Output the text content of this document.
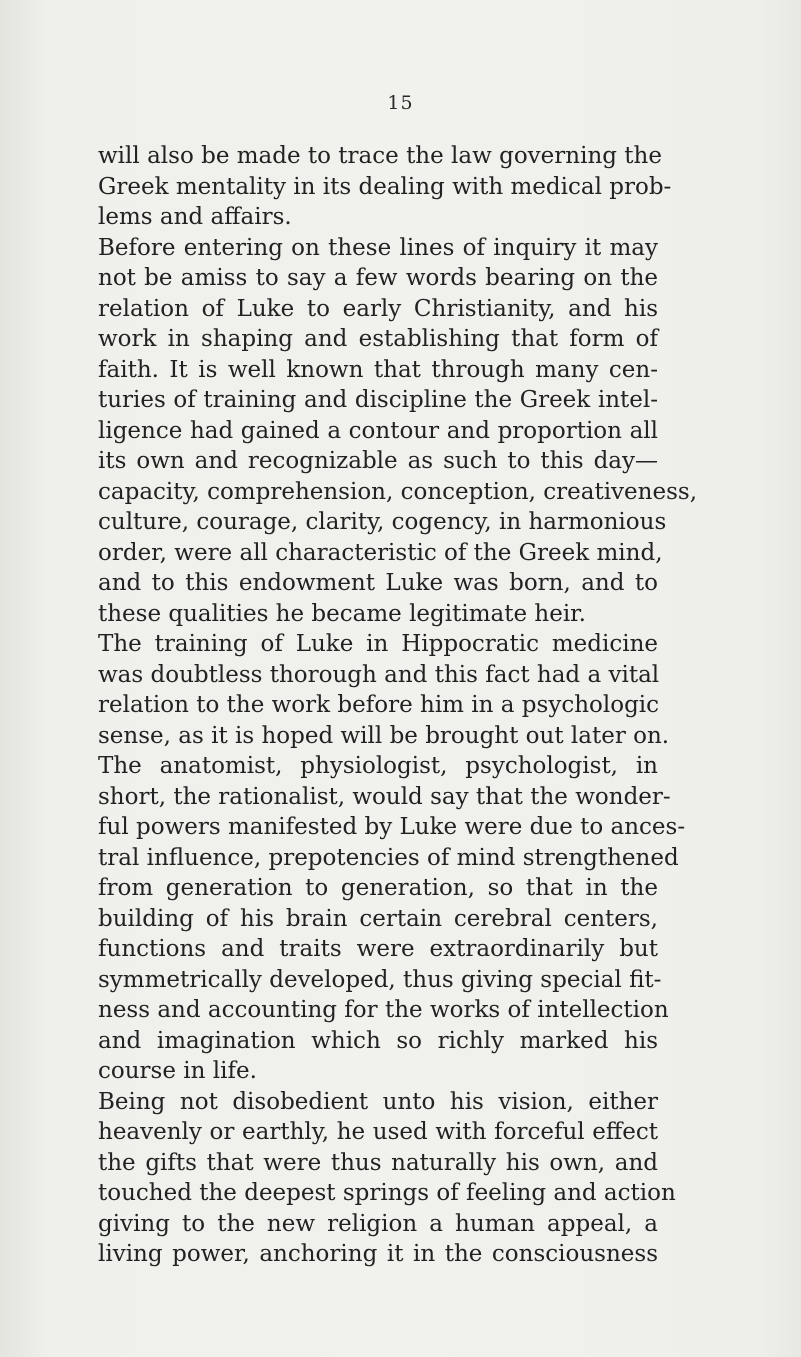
15
will also be made to trace the law governing the
Greek mentality in its dealing with medical prob-
lems and affairs.
Before entering on these lines of inquiry it may
not be amiss to say a few words bearing on the
relation of Luke to early Christianity, and his
work in shaping and establishing that form of
faith. It is well known that through many cen-
turies of training and discipline the Greek intel-
ligence had gained a contour and proportion all
its own and recognizable as such to this day—
capacity, comprehension, conception, creativeness,
culture, courage, clarity, cogency, in harmonious
order, were all characteristic of the Greek mind,
and to this endowment Luke was born, and to
these qualities he became legitimate heir.
The training of Luke in Hippocratic medicine
was doubtless thorough and this fact had a vital
relation to the work before him in a psychologic
sense, as it is hoped will be brought out later on.
The anatomist, physiologist, psychologist, in
short, the rationalist, would say that the wonder-
ful powers manifested by Luke were due to ances-
tral influence, prepotencies of mind strengthened
from generation to generation, so that in the
building of his brain certain cerebral centers,
functions and traits were extraordinarily but
symmetrically developed, thus giving special fit-
ness and accounting for the works of intellection
and imagination which so richly marked his
course in life.
Being not disobedient unto his vision, either
heavenly or earthly, he used with forceful effect
the gifts that were thus naturally his own, and
touched the deepest springs of feeling and action
giving to the new religion a human appeal, a
living power, anchoring it in the consciousness
